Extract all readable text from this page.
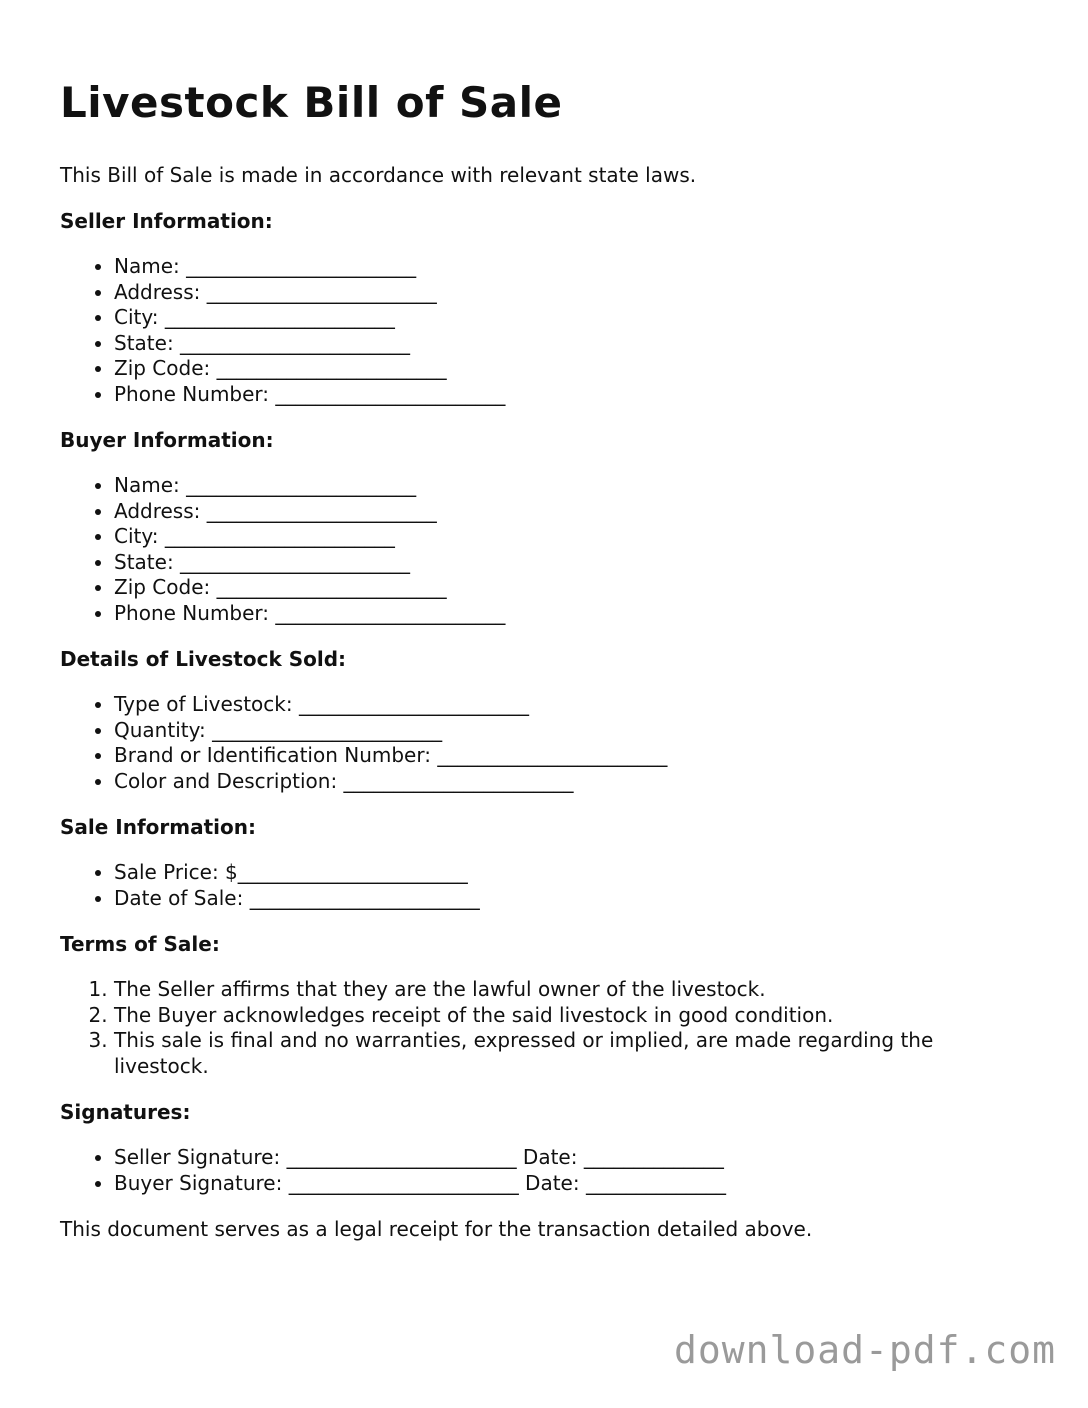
Livestock Bill of Sale

This Bill of Sale is made in accordance with relevant state laws.

Seller Information:
• Name: _______________________
• Address: _______________________
• City: _______________________
• State: _______________________
• Zip Code: _______________________
• Phone Number: _______________________
Buyer Information:
• Name: _______________________
• Address: _______________________
• City: _______________________
• State: _______________________
• Zip Code: _______________________
• Phone Number: _______________________
Details of Livestock Sold:
• Type of Livestock: _______________________
• Quantity: _______________________
• Brand or Identification Number: _______________________
• Color and Description: _______________________
Sale Information:
• Sale Price: $_______________________
• Date of Sale: _______________________
Terms of Sale:
1. The Seller affirms that they are the lawful owner of the livestock.
2. The Buyer acknowledges receipt of the said livestock in good condition.
3. This sale is final and no warranties, expressed or implied, are made regarding the livestock.
Signatures:
• Seller Signature: _______________________ Date: ______________
• Buyer Signature: _______________________ Date: ______________

This document serves as a legal receipt for the transaction detailed above.

download-pdf.com
